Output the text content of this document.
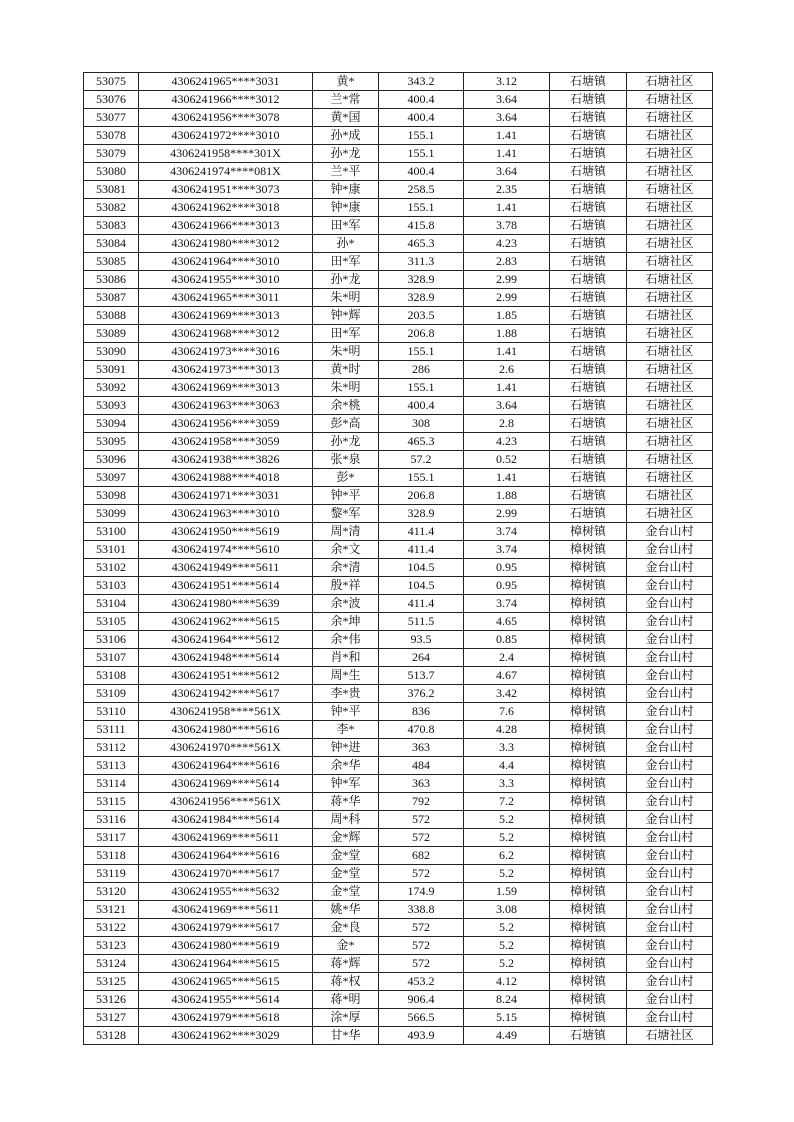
53075	4306241965****3031	黄*	343.2	3.12	石塘镇	石塘社区
53076	4306241966****3012	兰*常	400.4	3.64	石塘镇	石塘社区
53077	4306241956****3078	黄*国	400.4	3.64	石塘镇	石塘社区
53078	4306241972****3010	孙*成	155.1	1.41	石塘镇	石塘社区
53079	4306241958****301X	孙*龙	155.1	1.41	石塘镇	石塘社区
53080	4306241974****081X	兰*平	400.4	3.64	石塘镇	石塘社区
53081	4306241951****3073	钟*康	258.5	2.35	石塘镇	石塘社区
53082	4306241962****3018	钟*康	155.1	1.41	石塘镇	石塘社区
53083	4306241966****3013	田*军	415.8	3.78	石塘镇	石塘社区
53084	4306241980****3012	孙*	465.3	4.23	石塘镇	石塘社区
53085	4306241964****3010	田*军	311.3	2.83	石塘镇	石塘社区
53086	4306241955****3010	孙*龙	328.9	2.99	石塘镇	石塘社区
53087	4306241965****3011	朱*明	328.9	2.99	石塘镇	石塘社区
53088	4306241969****3013	钟*辉	203.5	1.85	石塘镇	石塘社区
53089	4306241968****3012	田*军	206.8	1.88	石塘镇	石塘社区
53090	4306241973****3016	朱*明	155.1	1.41	石塘镇	石塘社区
53091	4306241973****3013	黄*时	286	2.6	石塘镇	石塘社区
53092	4306241969****3013	朱*明	155.1	1.41	石塘镇	石塘社区
53093	4306241963****3063	余*桃	400.4	3.64	石塘镇	石塘社区
53094	4306241956****3059	彭*高	308	2.8	石塘镇	石塘社区
53095	4306241958****3059	孙*龙	465.3	4.23	石塘镇	石塘社区
53096	4306241938****3826	张*泉	57.2	0.52	石塘镇	石塘社区
53097	4306241988****4018	彭*	155.1	1.41	石塘镇	石塘社区
53098	4306241971****3031	钟*平	206.8	1.88	石塘镇	石塘社区
53099	4306241963****3010	黎*军	328.9	2.99	石塘镇	石塘社区
53100	4306241950****5619	周*清	411.4	3.74	樟树镇	金台山村
53101	4306241974****5610	余*文	411.4	3.74	樟树镇	金台山村
53102	4306241949****5611	余*清	104.5	0.95	樟树镇	金台山村
53103	4306241951****5614	殷*祥	104.5	0.95	樟树镇	金台山村
53104	4306241980****5639	余*波	411.4	3.74	樟树镇	金台山村
53105	4306241962****5615	余*坤	511.5	4.65	樟树镇	金台山村
53106	4306241964****5612	余*伟	93.5	0.85	樟树镇	金台山村
53107	4306241948****5614	肖*和	264	2.4	樟树镇	金台山村
53108	4306241951****5612	周*生	513.7	4.67	樟树镇	金台山村
53109	4306241942****5617	李*贵	376.2	3.42	樟树镇	金台山村
53110	4306241958****561X	钟*平	836	7.6	樟树镇	金台山村
53111	4306241980****5616	李*	470.8	4.28	樟树镇	金台山村
53112	4306241970****561X	钟*进	363	3.3	樟树镇	金台山村
53113	4306241964****5616	余*华	484	4.4	樟树镇	金台山村
53114	4306241969****5614	钟*军	363	3.3	樟树镇	金台山村
53115	4306241956****561X	蒋*华	792	7.2	樟树镇	金台山村
53116	4306241984****5614	周*科	572	5.2	樟树镇	金台山村
53117	4306241969****5611	金*辉	572	5.2	樟树镇	金台山村
53118	4306241964****5616	金*堂	682	6.2	樟树镇	金台山村
53119	4306241970****5617	金*堂	572	5.2	樟树镇	金台山村
53120	4306241955****5632	金*堂	174.9	1.59	樟树镇	金台山村
53121	4306241969****5611	姚*华	338.8	3.08	樟树镇	金台山村
53122	4306241979****5617	金*良	572	5.2	樟树镇	金台山村
53123	4306241980****5619	金*	572	5.2	樟树镇	金台山村
53124	4306241964****5615	蒋*辉	572	5.2	樟树镇	金台山村
53125	4306241965****5615	蒋*权	453.2	4.12	樟树镇	金台山村
53126	4306241955****5614	蒋*明	906.4	8.24	樟树镇	金台山村
53127	4306241979****5618	涂*厚	566.5	5.15	樟树镇	金台山村
53128	4306241962****3029	甘*华	493.9	4.49	石塘镇	石塘社区
